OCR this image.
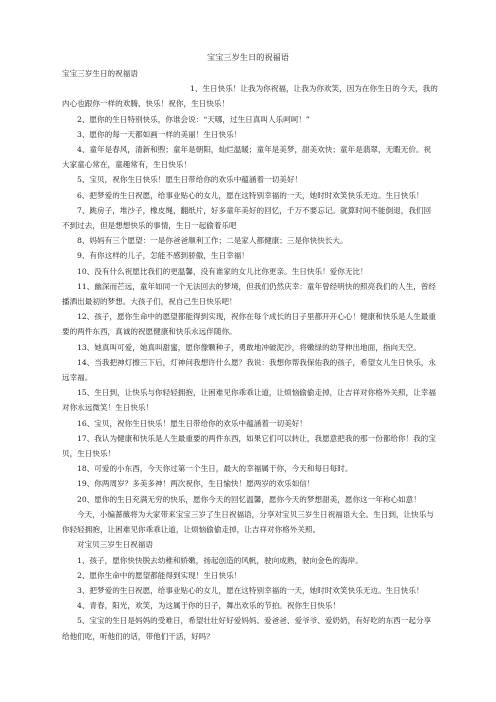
宝宝三岁生日的祝福语

宝宝三岁生日的祝福语

1、生日快乐！让我为你祝福，让我为你欢笑，因为在你生日的今天，我的内心也跟你一样的欢腾、快乐！祝你，生日快乐！

2、愿你的生日特别快乐，你谁会说：“天哪，过生日真叫人乐呵呵！”

3、愿你的每一天都如画一样的美丽！生日快乐！

4、童年是春风，清新和煦；童年是朝阳，灿烂温暖；童年是美梦，甜美欢快；童年是翡翠，无暇无价。祝大家童心常在，童趣常有，生日快乐！

5、宝贝，祝你生日快乐！愿生日带给你的欢乐中蕴涵着一切美好！

6、把梦爱的生日祝愿，给事业贴心的女儿，愿在这特别幸福的一天，她时时欢笑快乐无边。生日快乐！

7、跳房子，堆沙子，橡皮绳，翻纸片，好多童年美好的回忆，千万不要忘记。就算时间不能倒退，我们回不到过去，但是想想快乐的事情，生日一起偷着乐吧

8、妈妈有三个愿望：一是你爸爸顺利工作；二是家人都健康；三是你快快长大。

9、有你这样的儿子，怎能不感到骄傲，生日幸福！

10、没有什么祝愿比我们的更温馨，没有谁家的女儿比你更亲。生日快乐！爱你无比！

11、幽深而芒远，童年如同一个无法回去的梦境，但我们仍然庆幸：童年曾经明快的照亮我们的人生，曾经播洒出最初的梦想。大孩子们，祝自己生日快乐吧！

12、孩子，愿你生命中的愿望都能得到实现，祝你在每个成长的日子里都开开心心！健康和快乐是人生最重要的两件东西，真诚的祝愿健康和快乐永远伴随你。

13、她真叫可爱，她真叫甜蜜，愿你像颗种子，勇敢地冲破泥沙，将嫩绿的幼芽伸出地面，指向天空。

14、当我把神灯擦三下后，灯神问我想许什么愿？我说：我想你帮我保佑我的孩子，希望女儿生日快乐，永远幸福。

15、生日到，让快乐与你轻轻拥抱，让困难见你乖乖让道，让烦恼偷偷走掉，让吉祥对你格外关照，让幸福对你永远微笑！生日快乐！

16、宝贝，祝你生日快乐！愿生日带给你的欢乐中蕴涵着一切美好！

17、我认为健康和快乐是人生最重要的两件东西，如果它们可以转让，我愿意把我的那一份都给你！我的宝贝，生日快乐！

18、可爱的小东西，今天你过第一个生日，最大的幸福属于你，今天和每日每时。

19、你两周岁？多美多神！两次祝你，生日愉快！愿两岁的欢乐如信！

20、愿你的生日充满无穷的快乐，愿你今天的回忆温馨，愿你今天的梦想甜美，愿你这一年称心如意！

今天，小编蔷薇将为大家带来宝宝三岁了生日祝福语，分享对宝贝三岁生日祝福语大全。生日到，让快乐与你轻轻拥抱，让困难见你乖乖让道，让烦恼偷偷走掉，让吉祥对你格外关照。

对宝贝三岁生日祝福语

1、孩子，愿你快快脱去幼稚和娇嫩，扬起创造的风帆，驶向成熟，驶向金色的海岸。

2、愿你生命中的愿望都能得到实现！生日快乐！

3、把梦爱的生日祝愿，给事业贴心的女儿，愿在这特别幸福的一天，她时时欢笑快乐无边。生日快乐！

4、青春，阳光，欢笑，为这属于你的日子，舞出欢乐的节拍。祝你生日快乐！

5、宝宝的生日是妈妈的受难日，希望壮壮好好爱妈妈、爱爸爸、爱爷爷、爱奶奶，有好吃的东西一起分享给他们吃，听他们的话，带他们干活，好吗？
